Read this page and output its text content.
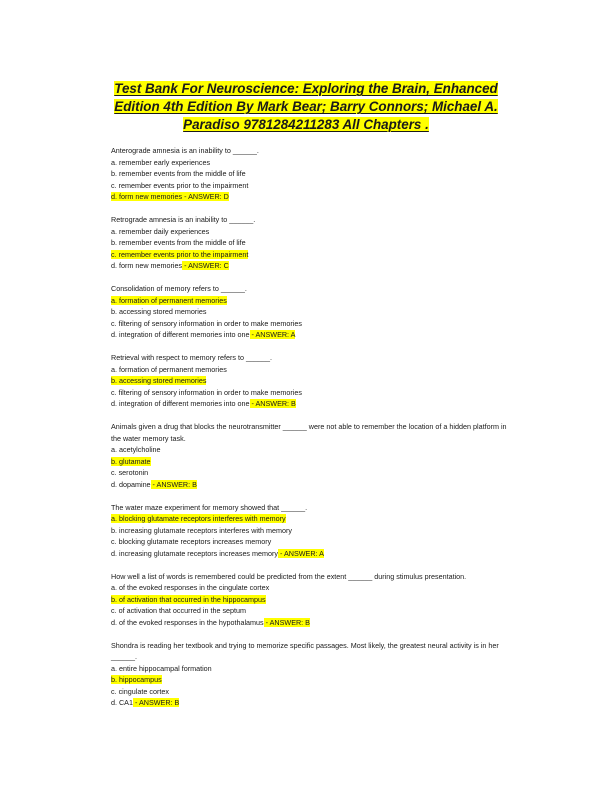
Test Bank For Neuroscience: Exploring the Brain, Enhanced Edition 4th Edition By Mark Bear; Barry Connors; Michael A. Paradiso 9781284211283 All Chapters .
Anterograde amnesia is an inability to ______.
a. remember early experiences
b. remember events from the middle of life
c. remember events prior to the impairment
d. form new memories - ANSWER: D
Retrograde amnesia is an inability to ______.
a. remember daily experiences
b. remember events from the middle of life
c. remember events prior to the impairment
d. form new memories - ANSWER: C
Consolidation of memory refers to ______.
a. formation of permanent memories
b. accessing stored memories
c. filtering of sensory information in order to make memories
d. integration of different memories into one - ANSWER: A
Retrieval with respect to memory refers to ______.
a. formation of permanent memories
b. accessing stored memories
c. filtering of sensory information in order to make memories
d. integration of different memories into one - ANSWER: B
Animals given a drug that blocks the neurotransmitter ______ were not able to remember the location of a hidden platform in the water memory task.
a. acetylcholine
b. glutamate
c. serotonin
d. dopamine - ANSWER: B
The water maze experiment for memory showed that ______.
a. blocking glutamate receptors interferes with memory
b. increasing glutamate receptors interferes with memory
c. blocking glutamate receptors increases memory
d. increasing glutamate receptors increases memory - ANSWER: A
How well a list of words is remembered could be predicted from the extent ______ during stimulus presentation.
a. of the evoked responses in the cingulate cortex
b. of activation that occurred in the hippocampus
c. of activation that occurred in the septum
d. of the evoked responses in the hypothalamus - ANSWER: B
Shondra is reading her textbook and trying to memorize specific passages. Most likely, the greatest neural activity is in her ______.
a. entire hippocampal formation
b. hippocampus
c. cingulate cortex
d. CA1 - ANSWER: B
